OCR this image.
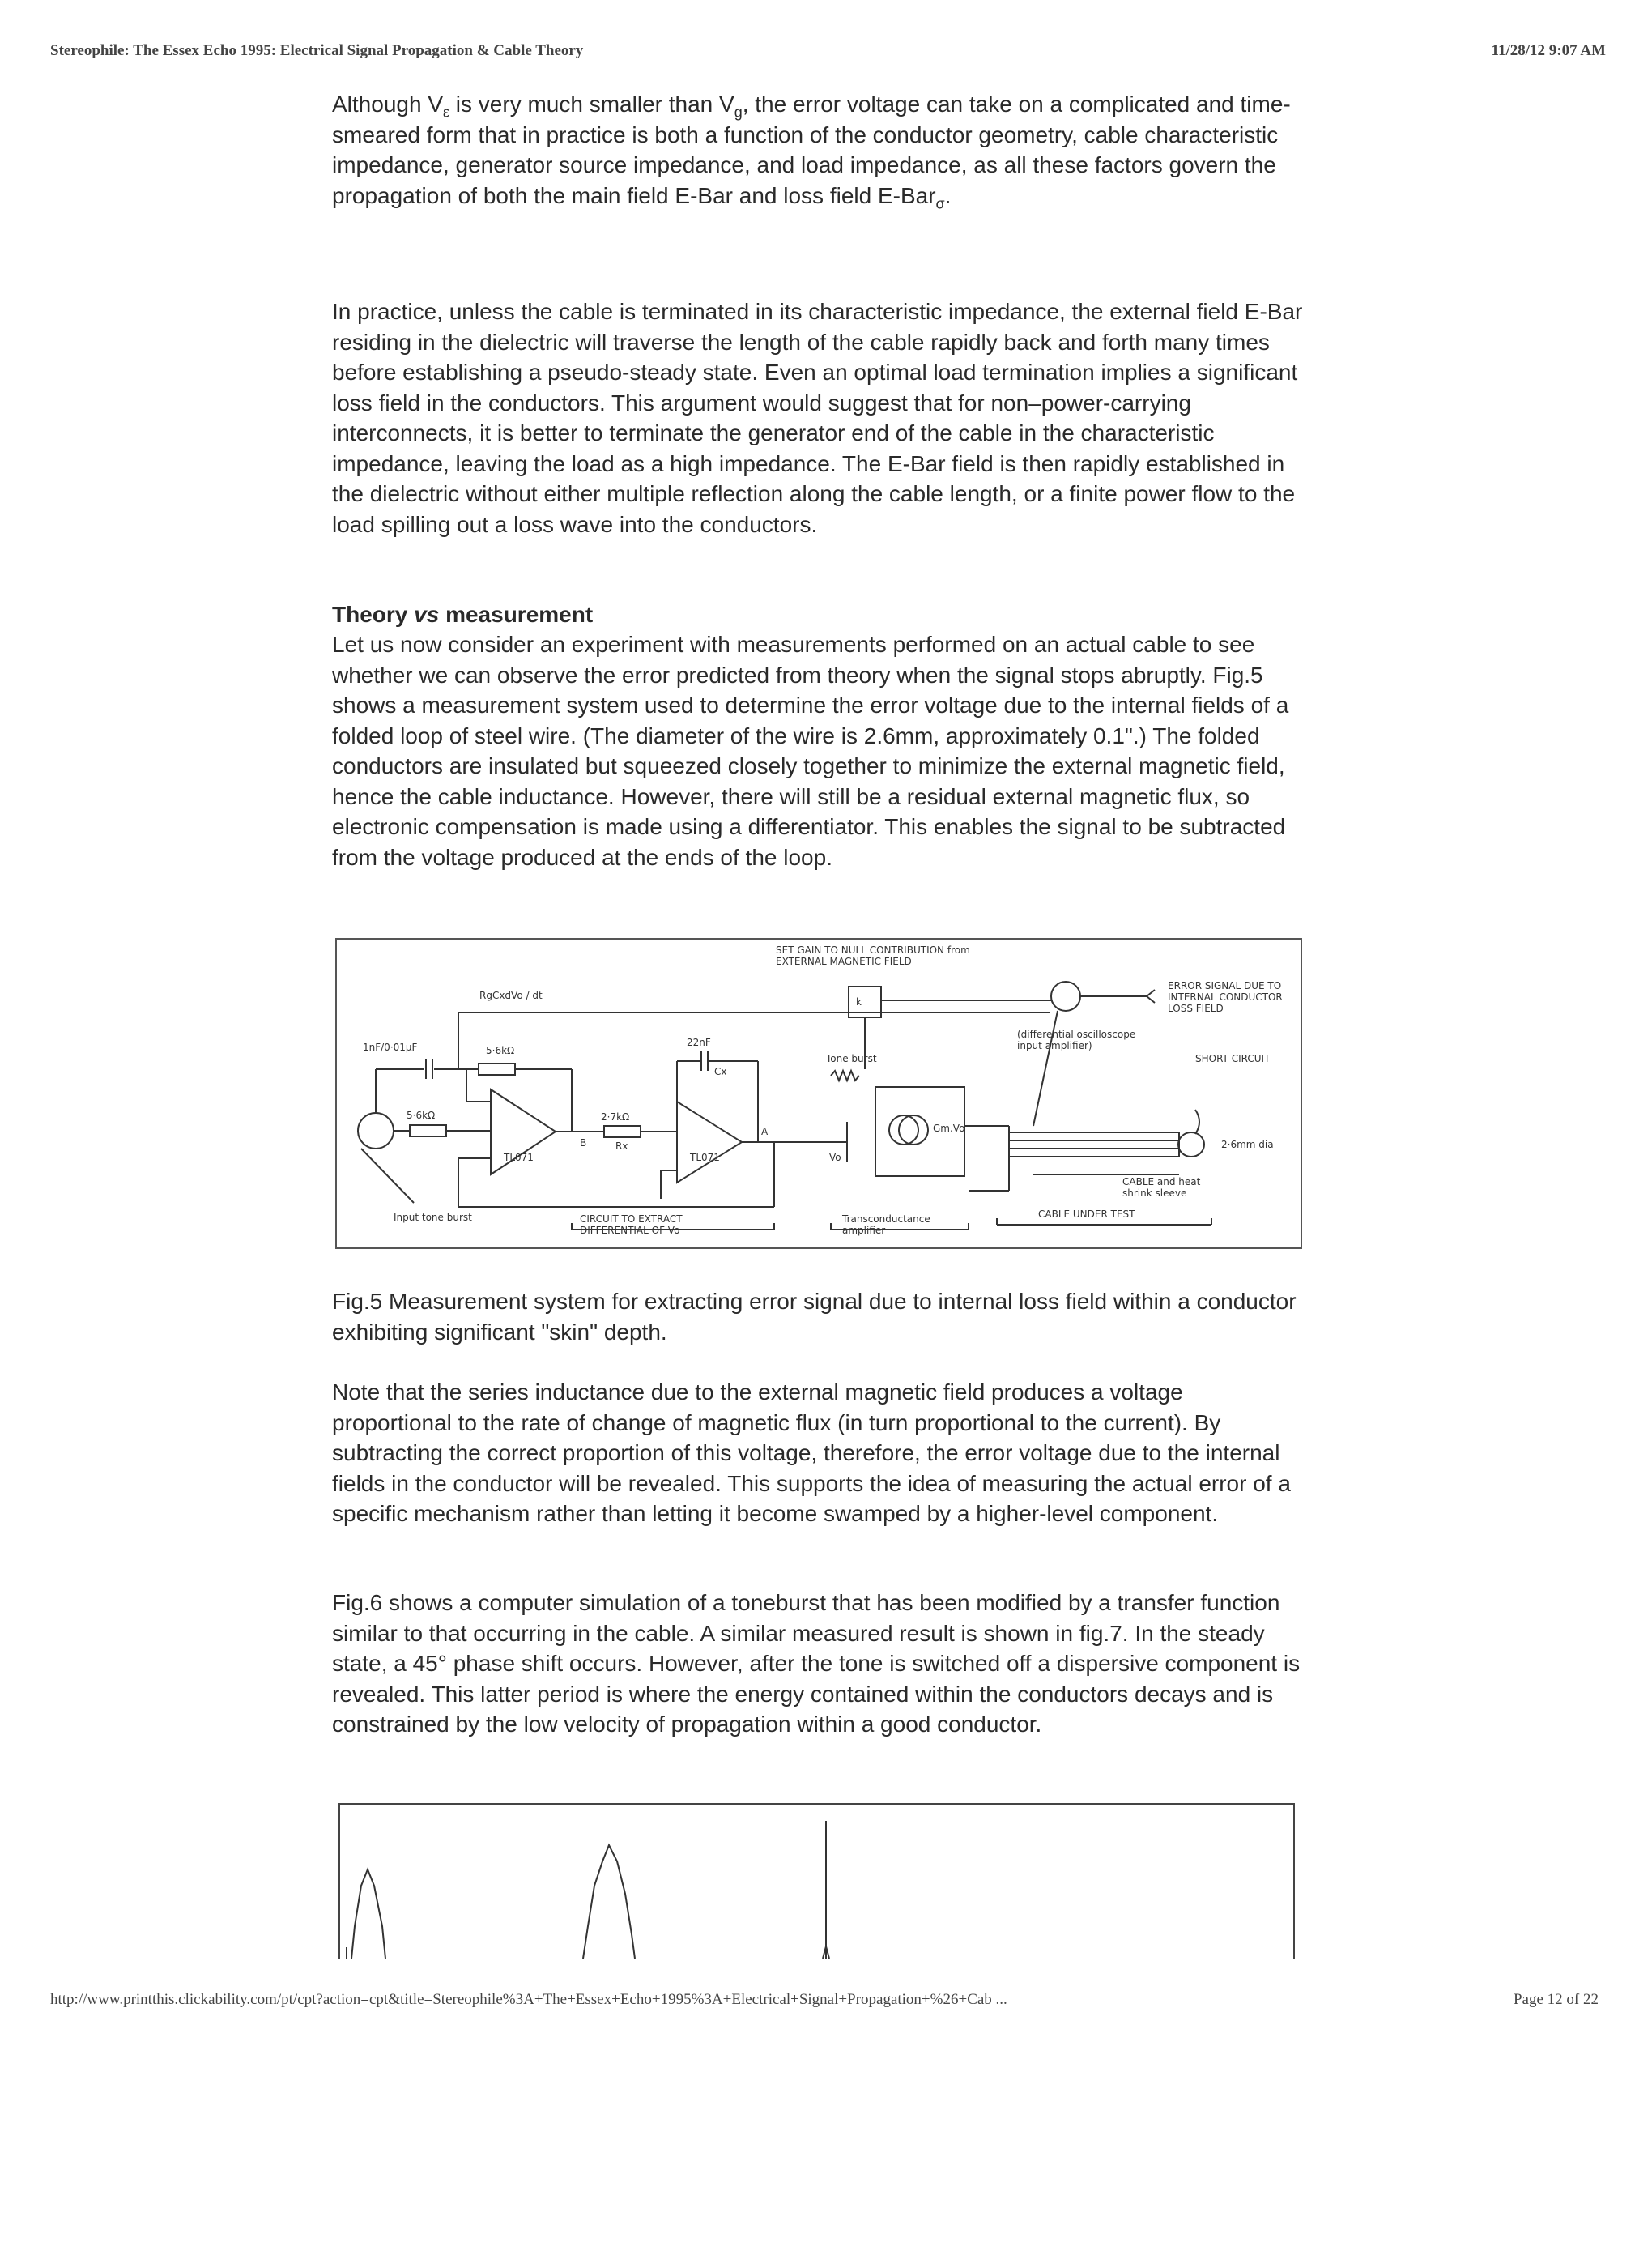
Stereophile: The Essex Echo 1995: Electrical Signal Propagation & Cable Theory	11/28/12 9:07 AM

Although $V_\varepsilon$ is very much smaller than $V_g$, the error voltage can take on a complicated and time-smeared form that in practice is both a function of the conductor geometry, cable characteristic impedance, generator source impedance, and load impedance, as all these factors govern the propagation of both the main field E-Bar and loss field E-Bar$_\sigma$.

In practice, unless the cable is terminated in its characteristic impedance, the external field E-Bar residing in the dielectric will traverse the length of the cable rapidly back and forth many times before establishing a pseudo-steady state. Even an optimal load termination implies a significant loss field in the conductors. This argument would suggest that for non–power-carrying interconnects, it is better to terminate the generator end of the cable in the characteristic impedance, leaving the load as a high impedance. The E-Bar field is then rapidly established in the dielectric without either multiple reflection along the cable length, or a finite power flow to the load spilling out a loss wave into the conductors.

Theory vs measurement

Let us now consider an experiment with measurements performed on an actual cable to see whether we can observe the error predicted from theory when the signal stops abruptly. Fig.5 shows a measurement system used to determine the error voltage due to the internal fields of a folded loop of steel wire. (The diameter of the wire is 2.6mm, approximately 0.1".) The folded conductors are insulated but squeezed closely together to minimize the external magnetic field, hence the cable inductance. However, there will still be a residual external magnetic flux, so electronic compensation is made using a differentiator. This enables the signal to be subtracted from the voltage produced at the ends of the loop.

SET GAIN TO NULL CONTRIBUTION from
EXTERNAL MAGNETIC FIELD
RgCxdVo / dt
1nF/0·01μF	5·6kΩ
5·6kΩ	2·7kΩ
Rx
22nF
Cx
B
A
TL071	TL071
Tone burst
Vo
Gm.Vo
k
(differential oscilloscope input amplifier)
ERROR SIGNAL DUE TO INTERNAL CONDUCTOR LOSS FIELD
SHORT CIRCUIT
2·6mm dia
CABLE and heat shrink sleeve
Input tone burst	CIRCUIT TO EXTRACT DIFFERENTIAL OF Vo
Transconductance amplifier
CABLE UNDER TEST

Fig.5 Measurement system for extracting error signal due to internal loss field within a conductor exhibiting significant "skin" depth.

Note that the series inductance due to the external magnetic field produces a voltage proportional to the rate of change of magnetic flux (in turn proportional to the current). By subtracting the correct proportion of this voltage, therefore, the error voltage due to the internal fields in the conductor will be revealed. This supports the idea of measuring the actual error of a specific mechanism rather than letting it become swamped by a higher-level component.

Fig.6 shows a computer simulation of a toneburst that has been modified by a transfer function similar to that occurring in the cable. A similar measured result is shown in fig.7. In the steady state, a 45° phase shift occurs. However, after the tone is switched off a dispersive component is revealed. This latter period is where the energy contained within the conductors decays and is constrained by the low velocity of propagation within a good conductor.

http://www.printthis.clickability.com/pt/cpt?action=cpt&title=Stereophile%3A+The+Essex+Echo+1995%3A+Electrical+Signal+Propagation+%26+Cab ...	Page 12 of 22
